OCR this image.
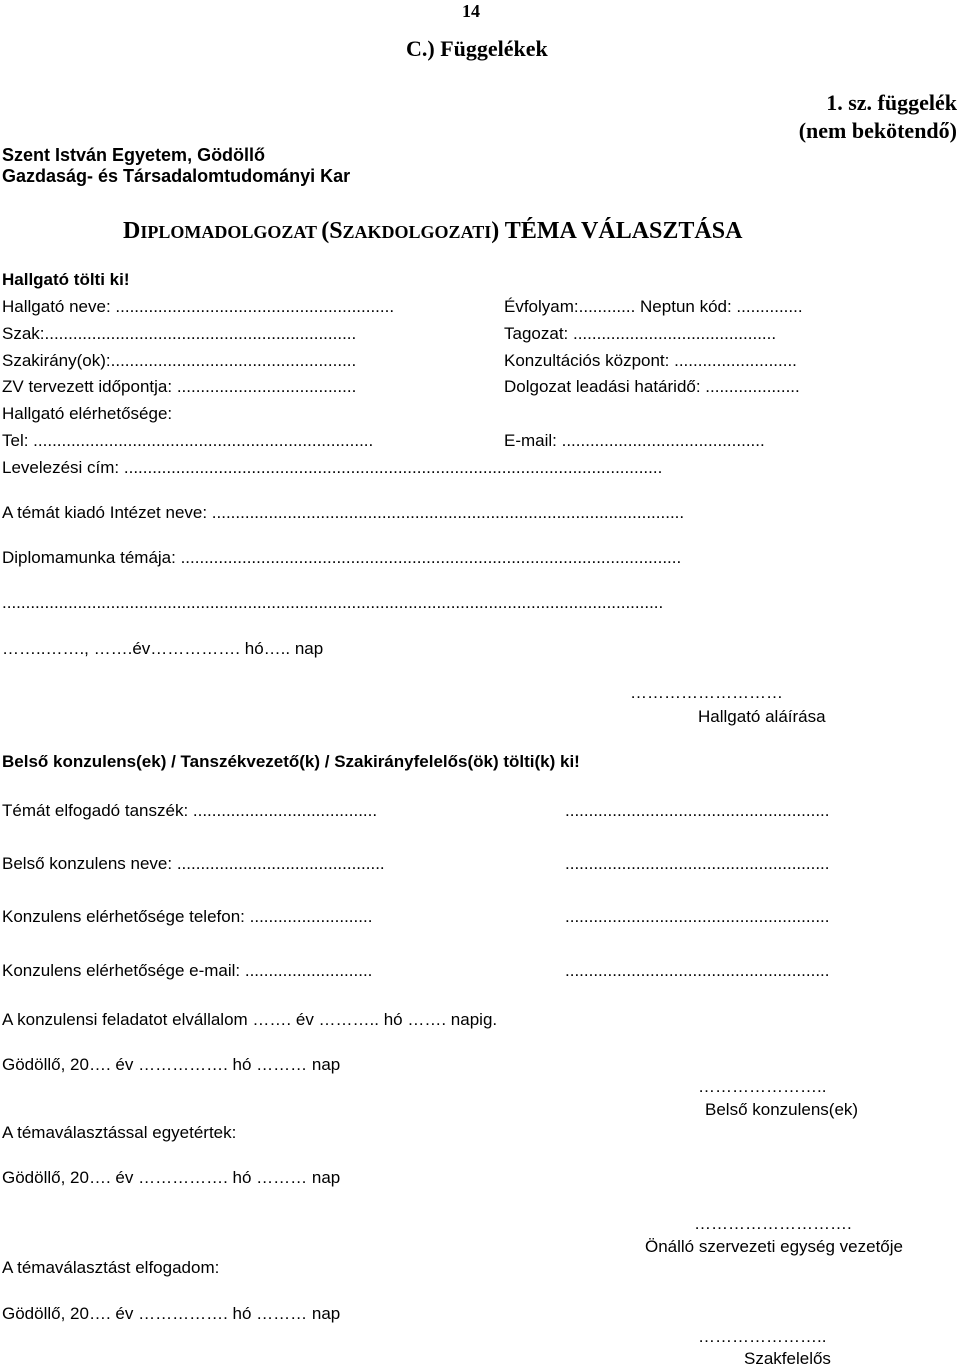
14
C.) Függelékek
1. sz. függelék
(nem bekötendő)
Szent István Egyetem, Gödöllő
Gazdaság- és Társadalomtudományi Kar
DIPLOMADOLGOZAT (SZAKDOLGOZATI) TÉMA VÁLASZTÁSA
Hallgató tölti ki!
Hallgató neve: ...........................................................	Évfolyam:............ Neptun kód: ..............
Szak:..................................................................	Tagozat: ...........................................
Szakirány(ok):....................................................	Konzultációs központ: ..........................
ZV tervezett időpontja: ......................................	Dolgozat leadási határidő: ....................
Hallgató elérhetősége:
Tel: ........................................................................	E-mail: ...........................................
Levelezési cím: ..................................................................................................................
A témát kiadó Intézet neve: ....................................................................................................
Diplomamunka témája: ..........................................................................................................
............................................................................................................................................
……..……., …….év……………. hó….. nap
………………………
Hallgató aláírása
Belső konzulens(ek) / Tanszékvezető(k) / Szakirányfelelős(ök) tölti(k) ki!
Témát elfogadó tanszék: .......................................	........................................................
Belső konzulens neve: ............................................	........................................................
Konzulens elérhetősége telefon: ..........................	........................................................
Konzulens elérhetősége e-mail: ...........................	........................................................
A konzulensi feladatot elvállalom ……. év ……….. hó ……. napig.
Gödöllő, 20…. év ……………. hó ……… nap
…………………..
Belső konzulens(ek)
A témaválasztással egyetértek:
Gödöllő, 20…. év ……………. hó ……… nap
……………………….
Önálló szervezeti egység vezetője
A témaválasztást elfogadom:
Gödöllő, 20…. év ……………. hó ……… nap
…………………..
Szakfelelős
